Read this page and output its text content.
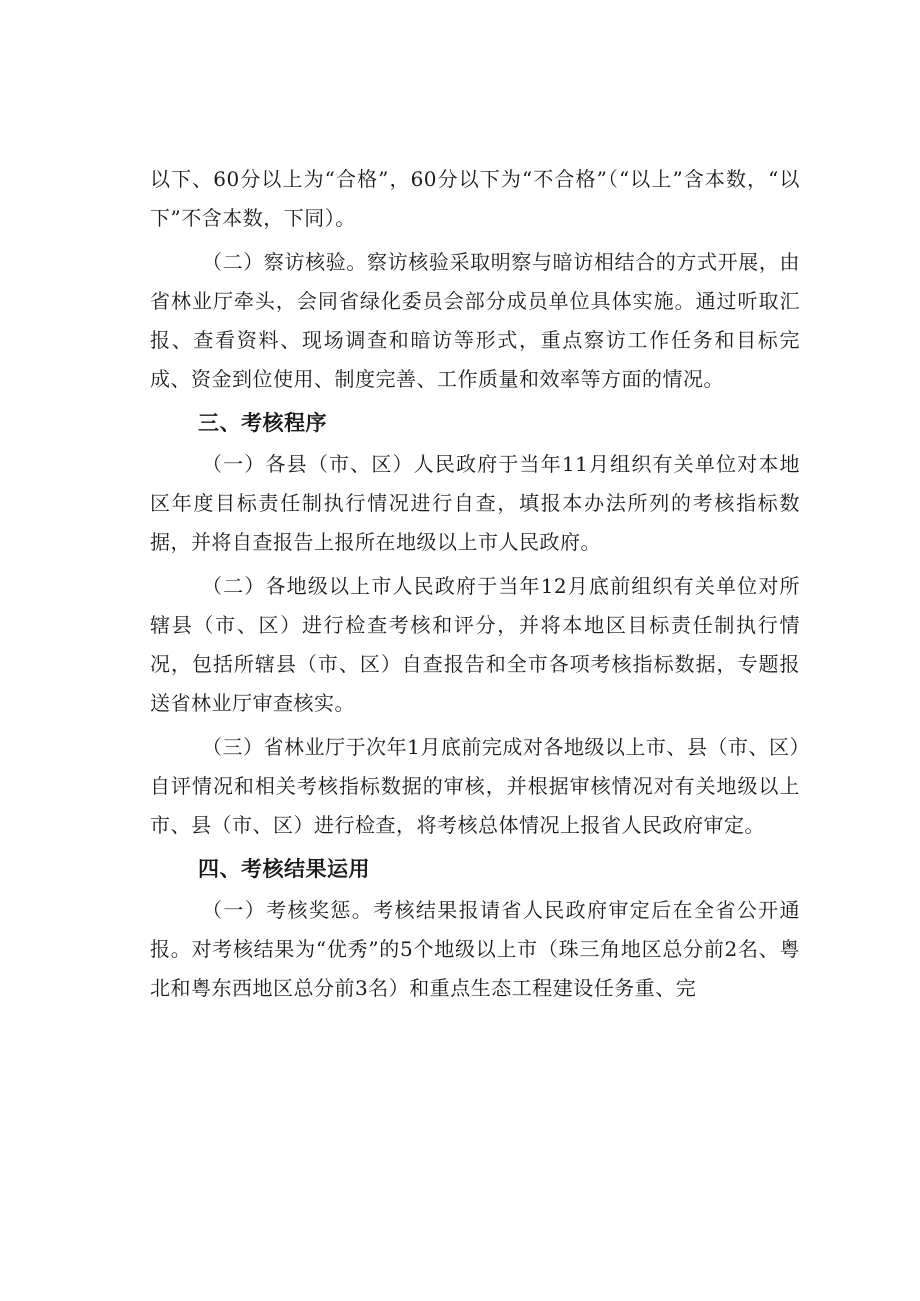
以下、60分以上为“合格”，60分以下为“不合格”（“以上”含本数，“以下”不含本数，下同）。

（二）察访核验。察访核验采取明察与暗访相结合的方式开展，由省林业厅牵头，会同省绿化委员会部分成员单位具体实施。通过听取汇报、查看资料、现场调查和暗访等形式，重点察访工作任务和目标完成、资金到位使用、制度完善、工作质量和效率等方面的情况。

三、考核程序

（一）各县（市、区）人民政府于当年11月组织有关单位对本地区年度目标责任制执行情况进行自查，填报本办法所列的考核指标数据，并将自查报告上报所在地级以上市人民政府。

（二）各地级以上市人民政府于当年12月底前组织有关单位对所辖县（市、区）进行检查考核和评分，并将本地区目标责任制执行情况，包括所辖县（市、区）自查报告和全市各项考核指标数据，专题报送省林业厅审查核实。

（三）省林业厅于次年1月底前完成对各地级以上市、县（市、区）自评情况和相关考核指标数据的审核，并根据审核情况对有关地级以上市、县（市、区）进行检查，将考核总体情况上报省人民政府审定。

四、考核结果运用

（一）考核奖惩。考核结果报请省人民政府审定后在全省公开通报。对考核结果为“优秀”的5个地级以上市（珠三角地区总分前2名、粤北和粤东西地区总分前3名）和重点生态工程建设任务重、完
